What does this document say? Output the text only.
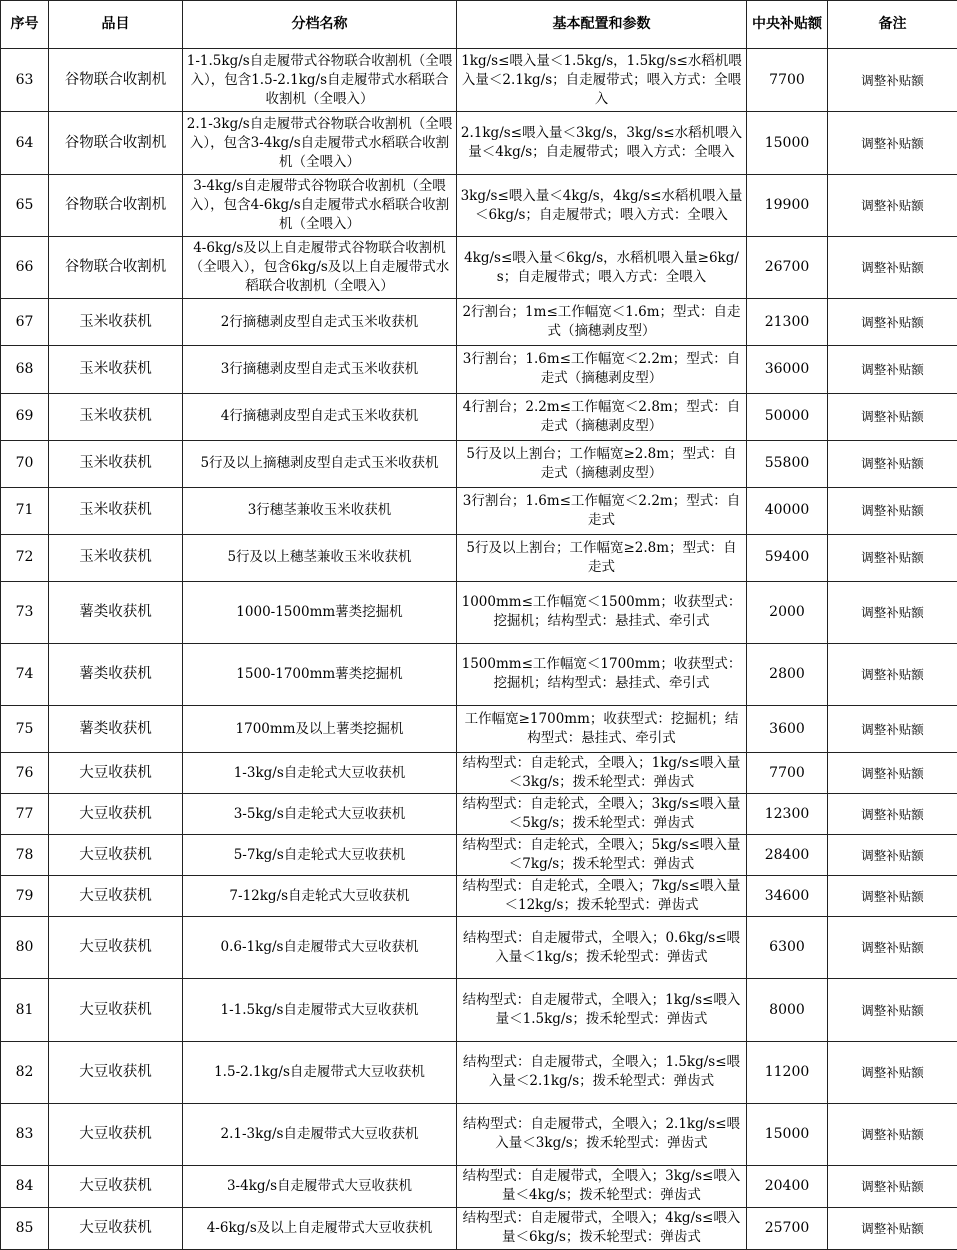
序号	品目	分档名称	基本配置和参数	中央补贴额	备注
63	谷物联合收割机	1-1.5kg/s自走履带式谷物联合收割机（全喂入），包含1.5-2.1kg/s自走履带式水稻联合收割机（全喂入）	1kg/s≤喂入量＜1.5kg/s，1.5kg/s≤水稻机喂入量＜2.1kg/s；自走履带式；喂入方式：全喂入	7700	调整补贴额
64	谷物联合收割机	2.1-3kg/s自走履带式谷物联合收割机（全喂入），包含3-4kg/s自走履带式水稻联合收割机（全喂入）	2.1kg/s≤喂入量＜3kg/s，3kg/s≤水稻机喂入量＜4kg/s；自走履带式；喂入方式：全喂入	15000	调整补贴额
65	谷物联合收割机	3-4kg/s自走履带式谷物联合收割机（全喂入），包含4-6kg/s自走履带式水稻联合收割机（全喂入）	3kg/s≤喂入量＜4kg/s，4kg/s≤水稻机喂入量＜6kg/s；自走履带式；喂入方式：全喂入	19900	调整补贴额
66	谷物联合收割机	4-6kg/s及以上自走履带式谷物联合收割机（全喂入），包含6kg/s及以上自走履带式水稻联合收割机（全喂入）	4kg/s≤喂入量＜6kg/s，水稻机喂入量≥6kg/s；自走履带式；喂入方式：全喂入	26700	调整补贴额
67	玉米收获机	2行摘穗剥皮型自走式玉米收获机	2行割台；1m≤工作幅宽＜1.6m；型式：自走式（摘穗剥皮型）	21300	调整补贴额
68	玉米收获机	3行摘穗剥皮型自走式玉米收获机	3行割台；1.6m≤工作幅宽＜2.2m；型式：自走式（摘穗剥皮型）	36000	调整补贴额
69	玉米收获机	4行摘穗剥皮型自走式玉米收获机	4行割台；2.2m≤工作幅宽＜2.8m；型式：自走式（摘穗剥皮型）	50000	调整补贴额
70	玉米收获机	5行及以上摘穗剥皮型自走式玉米收获机	5行及以上割台；工作幅宽≥2.8m；型式：自走式（摘穗剥皮型）	55800	调整补贴额
71	玉米收获机	3行穗茎兼收玉米收获机	3行割台；1.6m≤工作幅宽＜2.2m；型式：自走式	40000	调整补贴额
72	玉米收获机	5行及以上穗茎兼收玉米收获机	5行及以上割台；工作幅宽≥2.8m；型式：自走式	59400	调整补贴额
73	薯类收获机	1000-1500mm薯类挖掘机	1000mm≤工作幅宽＜1500mm；收获型式：挖掘机；结构型式：悬挂式、牵引式	2000	调整补贴额
74	薯类收获机	1500-1700mm薯类挖掘机	1500mm≤工作幅宽＜1700mm；收获型式：挖掘机；结构型式：悬挂式、牵引式	2800	调整补贴额
75	薯类收获机	1700mm及以上薯类挖掘机	工作幅宽≥1700mm；收获型式：挖掘机；结构型式：悬挂式、牵引式	3600	调整补贴额
76	大豆收获机	1-3kg/s自走轮式大豆收获机	结构型式：自走轮式，全喂入；1kg/s≤喂入量＜3kg/s；拨禾轮型式：弹齿式	7700	调整补贴额
77	大豆收获机	3-5kg/s自走轮式大豆收获机	结构型式：自走轮式，全喂入；3kg/s≤喂入量＜5kg/s；拨禾轮型式：弹齿式	12300	调整补贴额
78	大豆收获机	5-7kg/s自走轮式大豆收获机	结构型式：自走轮式，全喂入；5kg/s≤喂入量＜7kg/s；拨禾轮型式：弹齿式	28400	调整补贴额
79	大豆收获机	7-12kg/s自走轮式大豆收获机	结构型式：自走轮式，全喂入；7kg/s≤喂入量＜12kg/s；拨禾轮型式：弹齿式	34600	调整补贴额
80	大豆收获机	0.6-1kg/s自走履带式大豆收获机	结构型式：自走履带式，全喂入；0.6kg/s≤喂入量＜1kg/s；拨禾轮型式：弹齿式	6300	调整补贴额
81	大豆收获机	1-1.5kg/s自走履带式大豆收获机	结构型式：自走履带式，全喂入；1kg/s≤喂入量＜1.5kg/s；拨禾轮型式：弹齿式	8000	调整补贴额
82	大豆收获机	1.5-2.1kg/s自走履带式大豆收获机	结构型式：自走履带式，全喂入；1.5kg/s≤喂入量＜2.1kg/s；拨禾轮型式：弹齿式	11200	调整补贴额
83	大豆收获机	2.1-3kg/s自走履带式大豆收获机	结构型式：自走履带式，全喂入；2.1kg/s≤喂入量＜3kg/s；拨禾轮型式：弹齿式	15000	调整补贴额
84	大豆收获机	3-4kg/s自走履带式大豆收获机	结构型式：自走履带式，全喂入；3kg/s≤喂入量＜4kg/s；拨禾轮型式：弹齿式	20400	调整补贴额
85	大豆收获机	4-6kg/s及以上自走履带式大豆收获机	结构型式：自走履带式，全喂入；4kg/s≤喂入量＜6kg/s；拨禾轮型式：弹齿式	25700	调整补贴额
